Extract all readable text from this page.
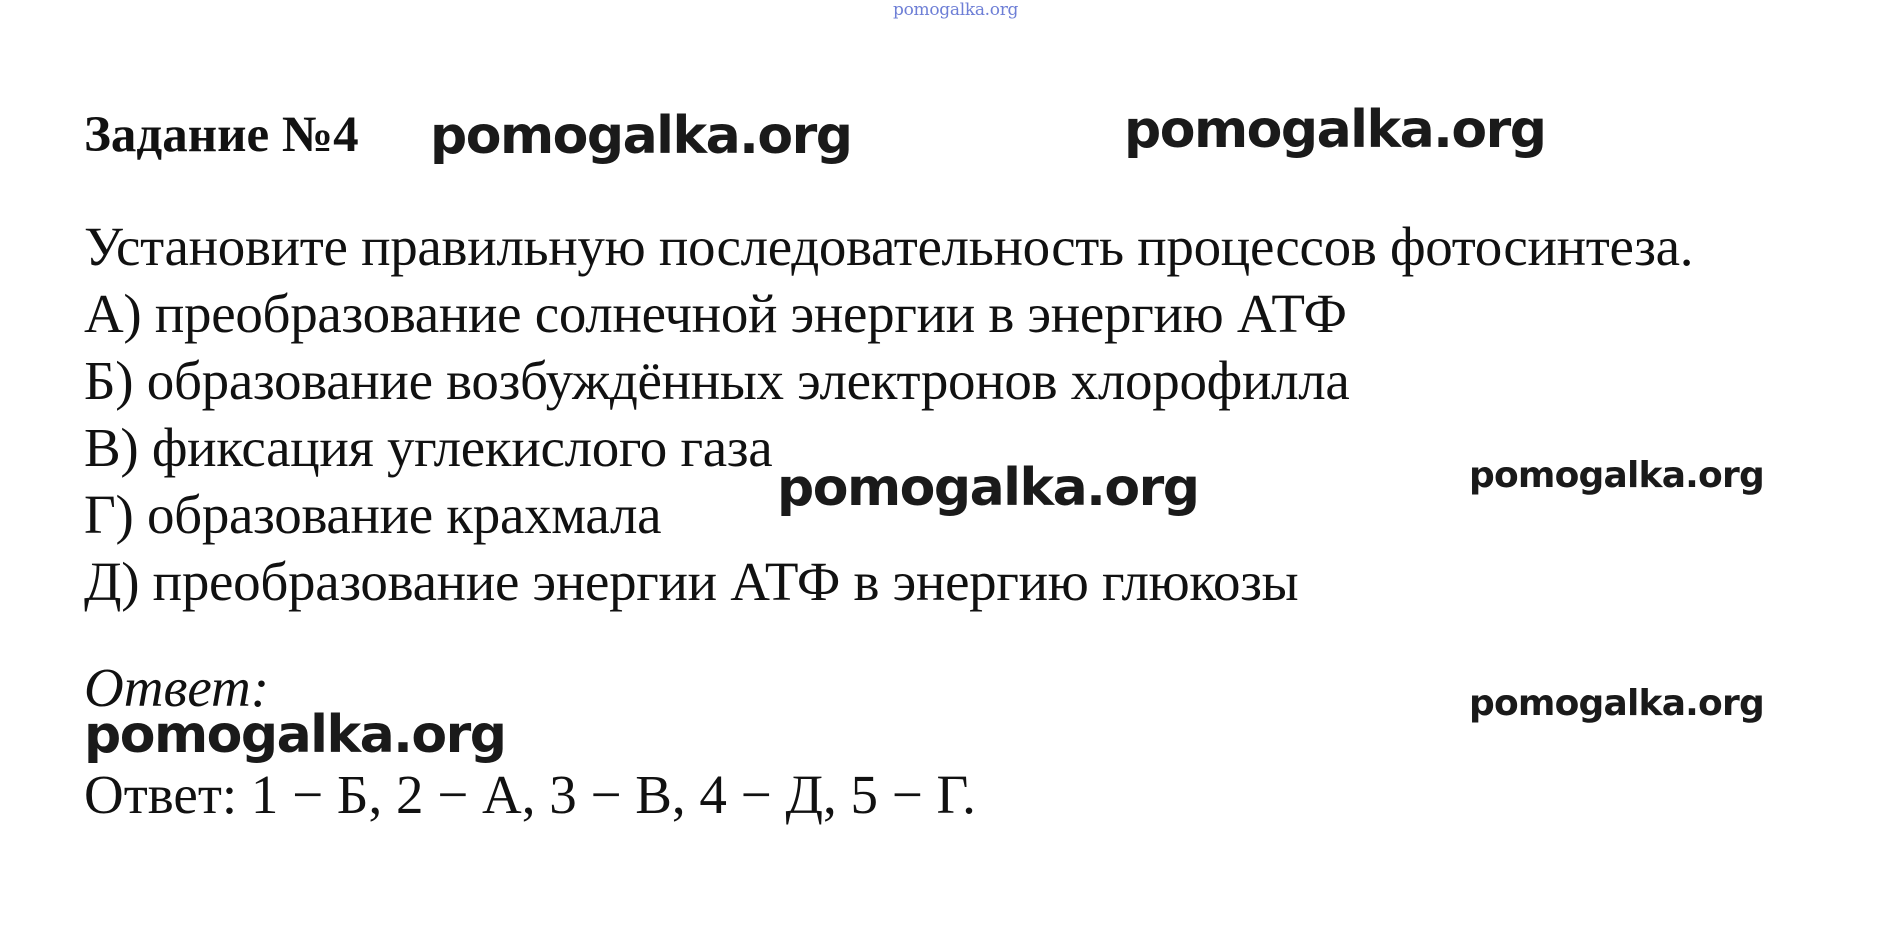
pomogalka.org
Задание №4 pomogalka.org	pomogalka.org
Установите правильную последовательность процессов фотосинтеза.
А) преобразование солнечной энергии в энергию АТФ
Б) образование возбуждённых электронов хлорофилла
В) фиксация углекислого газа
Г) образование крахмала
Д) преобразование энергии АТФ в энергию глюкозы
pomogalka.org	pomogalka.org
Ответ:	pomogalka.org
pomogalka.org
Ответ: 1 − Б, 2 − А, 3 − В, 4 − Д, 5 − Г.
